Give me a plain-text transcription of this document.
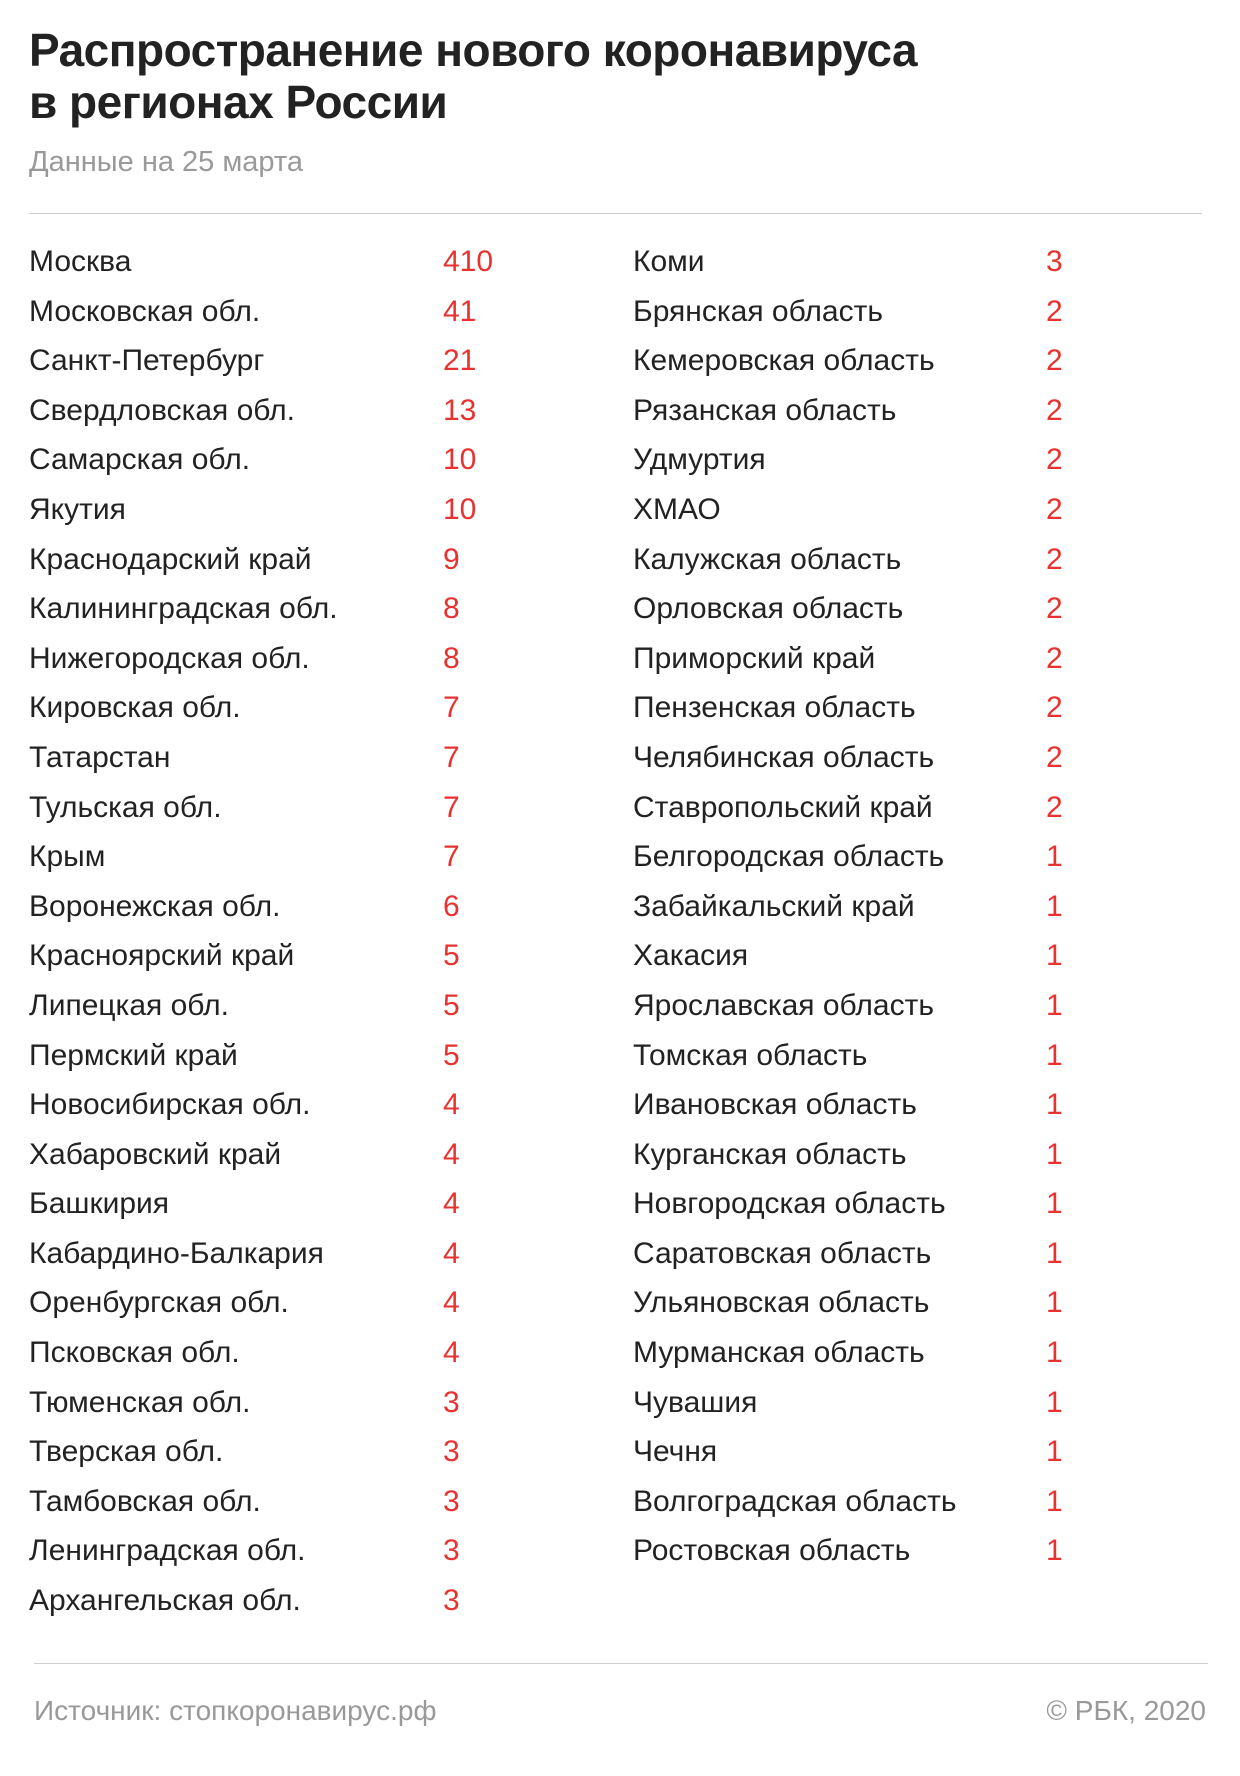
Распространение нового коронавируса
в регионах России
Данные на 25 марта
Москва	410
Московская обл.	41
Санкт-Петербург	21
Свердловская обл.	13
Самарская обл.	10
Якутия	10
Краснодарский край	9
Калининградская обл.	8
Нижегородская обл.	8
Кировская обл.	7
Татарстан	7
Тульская обл.	7
Крым	7
Воронежская обл.	6
Красноярский край	5
Липецкая обл.	5
Пермский край	5
Новосибирская обл.	4
Хабаровский край	4
Башкирия	4
Кабардино-Балкария	4
Оренбургская обл.	4
Псковская обл.	4
Тюменская обл.	3
Тверская обл.	3
Тамбовская обл.	3
Ленинградская обл.	3
Архангельская обл.	3
Коми	3
Брянская область	2
Кемеровская область	2
Рязанская область	2
Удмуртия	2
ХМАО	2
Калужская область	2
Орловская область	2
Приморский край	2
Пензенская область	2
Челябинская область	2
Ставропольский край	2
Белгородская область	1
Забайкальский край	1
Хакасия	1
Ярославская область	1
Томская область	1
Ивановская область	1
Курганская область	1
Новгородская область	1
Саратовская область	1
Ульяновская область	1
Мурманская область	1
Чувашия	1
Чечня	1
Волгоградская область	1
Ростовская область	1
Источник: стопкоронавирус.рф	© РБК, 2020
